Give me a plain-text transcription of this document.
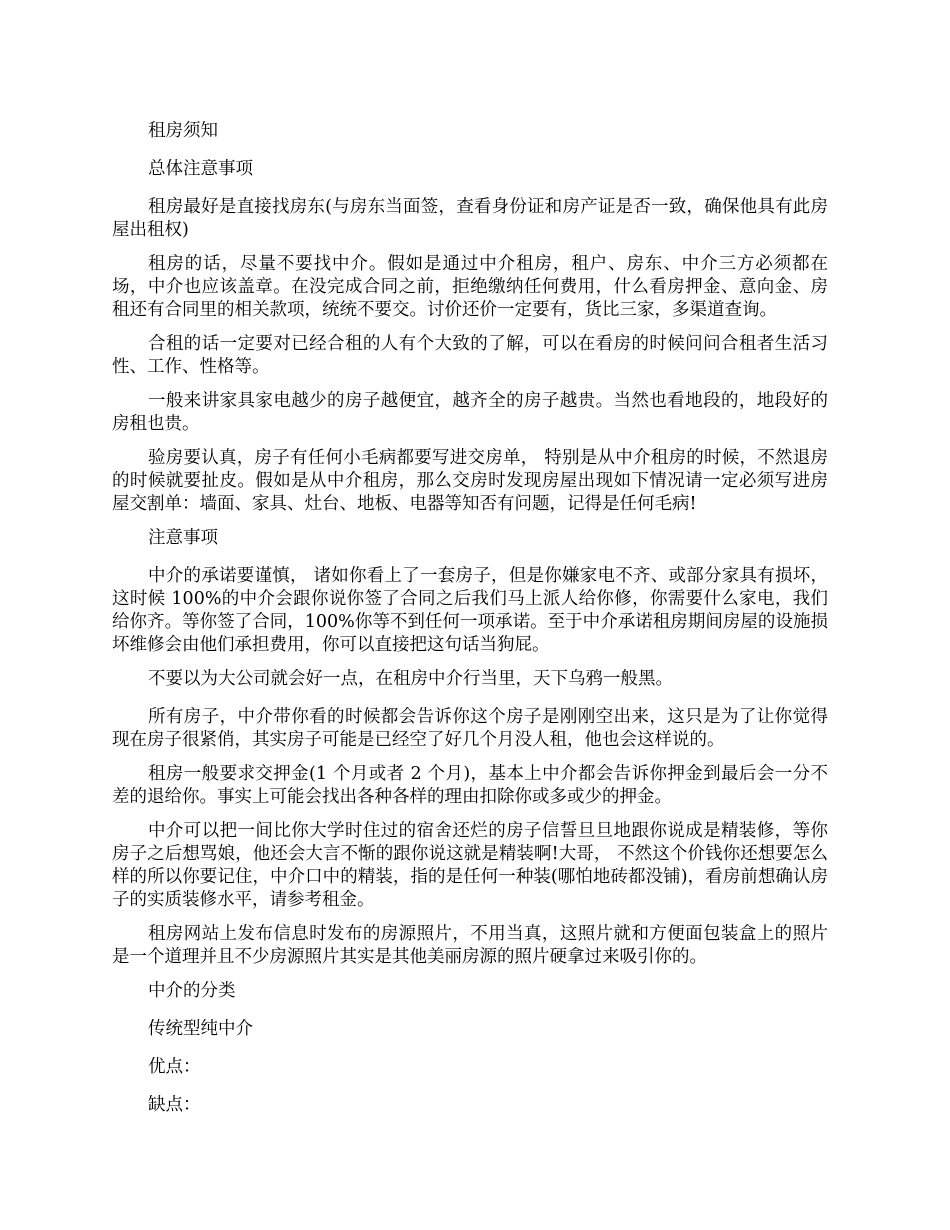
租房须知

总体注意事项

租房最好是直接找房东(与房东当面签，查看身份证和房产证是否一致，确保他具有此房屋出租权)

租房的话，尽量不要找中介。假如是通过中介租房，租户、房东、中介三方必须都在场，中介也应该盖章。在没完成合同之前，拒绝缴纳任何费用，什么看房押金、意向金、房租还有合同里的相关款项，统统不要交。讨价还价一定要有，货比三家，多渠道查询。

合租的话一定要对已经合租的人有个大致的了解，可以在看房的时候问问合租者生活习性、工作、性格等。

一般来讲家具家电越少的房子越便宜，越齐全的房子越贵。当然也看地段的，地段好的房租也贵。

验房要认真，房子有任何小毛病都要写进交房单， 特别是从中介租房的时候，不然退房的时候就要扯皮。假如是从中介租房，那么交房时发现房屋出现如下情况请一定必须写进房屋交割单：墙面、家具、灶台、地板、电器等知否有问题，记得是任何毛病!

注意事项

中介的承诺要谨慎， 诸如你看上了一套房子，但是你嫌家电不齐、或部分家具有损坏，这时候 100%的中介会跟你说你签了合同之后我们马上派人给你修，你需要什么家电，我们给你齐。等你签了合同，100%你等不到任何一项承诺。至于中介承诺租房期间房屋的设施损坏维修会由他们承担费用，你可以直接把这句话当狗屁。

不要以为大公司就会好一点，在租房中介行当里，天下乌鸦一般黑。

所有房子，中介带你看的时候都会告诉你这个房子是刚刚空出来，这只是为了让你觉得现在房子很紧俏，其实房子可能是已经空了好几个月没人租，他也会这样说的。

租房一般要求交押金(1 个月或者 2 个月)，基本上中介都会告诉你押金到最后会一分不差的退给你。事实上可能会找出各种各样的理由扣除你或多或少的押金。

中介可以把一间比你大学时住过的宿舍还烂的房子信誓旦旦地跟你说成是精装修，等你房子之后想骂娘，他还会大言不惭的跟你说这就是精装啊!大哥， 不然这个价钱你还想要怎么样的所以你要记住，中介口中的精装，指的是任何一种装(哪怕地砖都没铺)，看房前想确认房子的实质装修水平，请参考租金。

租房网站上发布信息时发布的房源照片，不用当真，这照片就和方便面包装盒上的照片是一个道理并且不少房源照片其实是其他美丽房源的照片硬拿过来吸引你的。

中介的分类

传统型纯中介

优点：

缺点：
